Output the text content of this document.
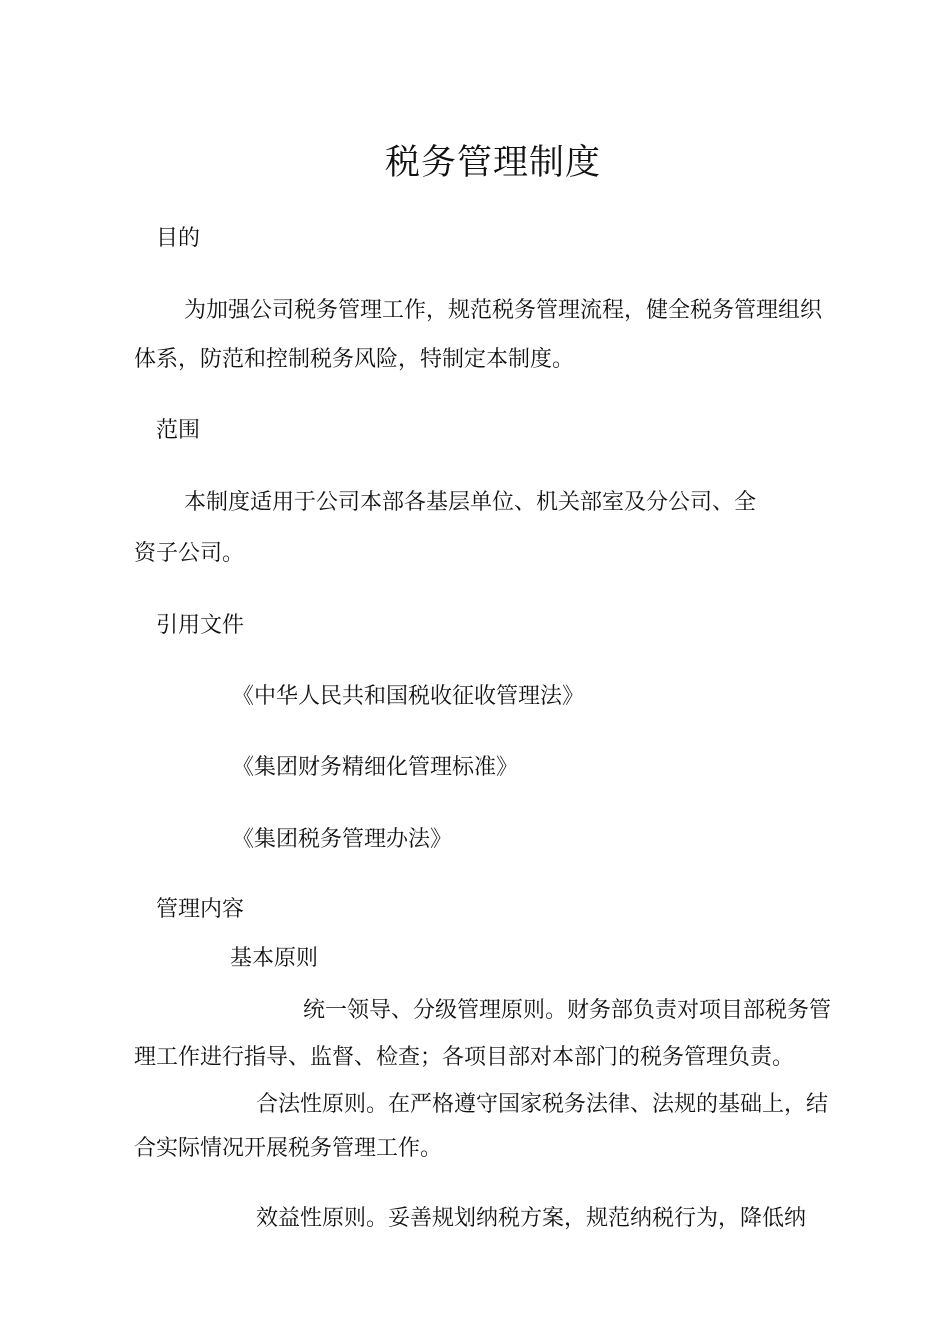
税务管理制度
目的
为加强公司税务管理工作，规范税务管理流程，健全税务管理组织
体系，防范和控制税务风险，特制定本制度。
范围
本制度适用于公司本部各基层单位、机关部室及分公司、全
资子公司。
引用文件
《中华人民共和国税收征收管理法》
《集团财务精细化管理标准》
《集团税务管理办法》
管理内容
基本原则
统一领导、分级管理原则。财务部负责对项目部税务管
理工作进行指导、监督、检查；各项目部对本部门的税务管理负责。
合法性原则。在严格遵守国家税务法律、法规的基础上，结
合实际情况开展税务管理工作。
效益性原则。妥善规划纳税方案，规范纳税行为，降低纳
